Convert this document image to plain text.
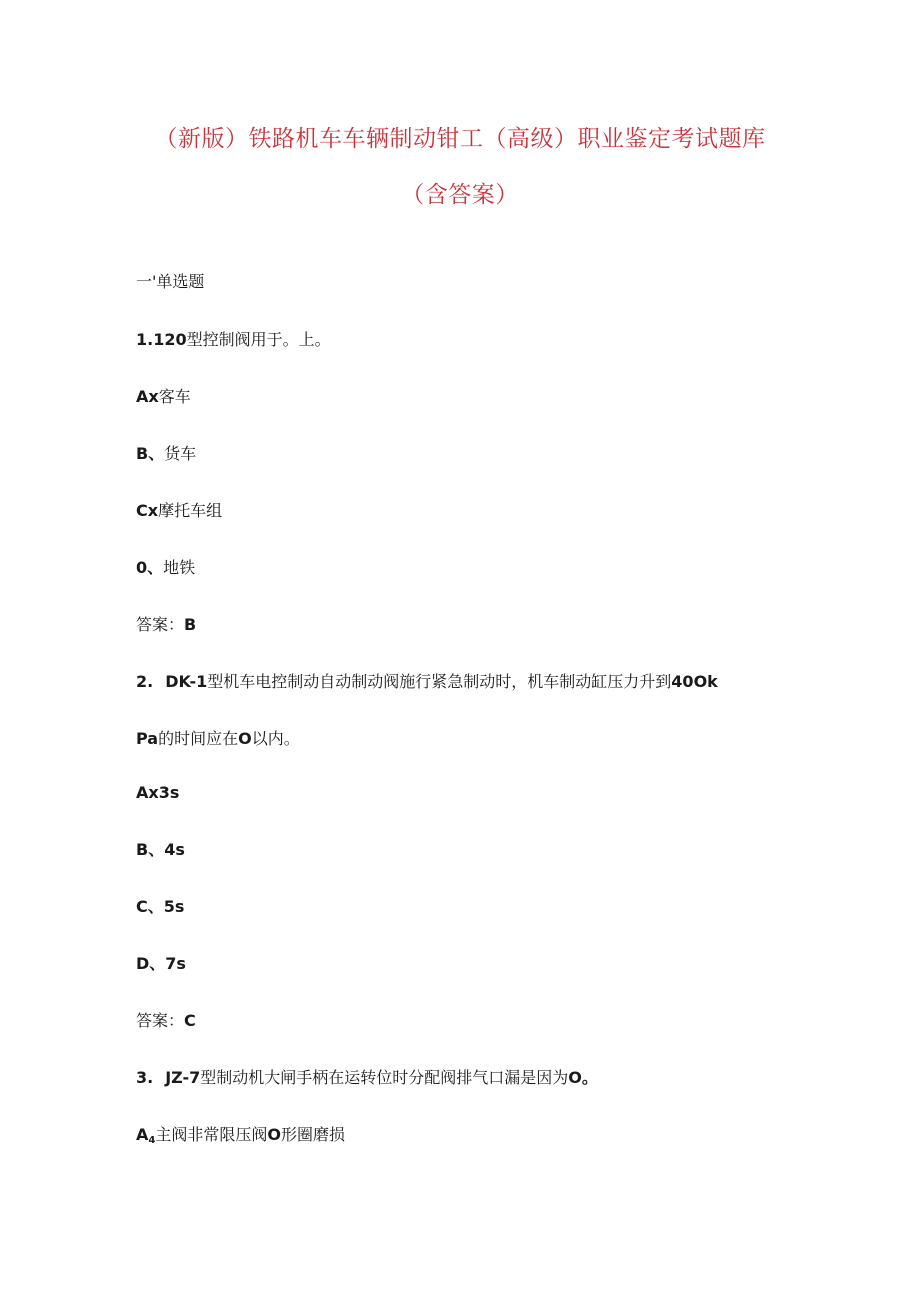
（新版）铁路机车车辆制动钳工（高级）职业鉴定考试题库
（含答案）
一'单选题
1.120型控制阀用于。上。
Ax客车
B、货车
Cx摩托车组
0、地铁
答案：B
2. DK-1型机车电控制动自动制动阀施行紧急制动时，机车制动缸压力升到40Ok
Pa的时间应在O以内。
Ax3s
B、4s
C、5s
D、7s
答案：C
3. JZ-7型制动机大闸手柄在运转位时分配阀排气口漏是因为O。
$A_4$主阀非常限压阀O形圈磨损
